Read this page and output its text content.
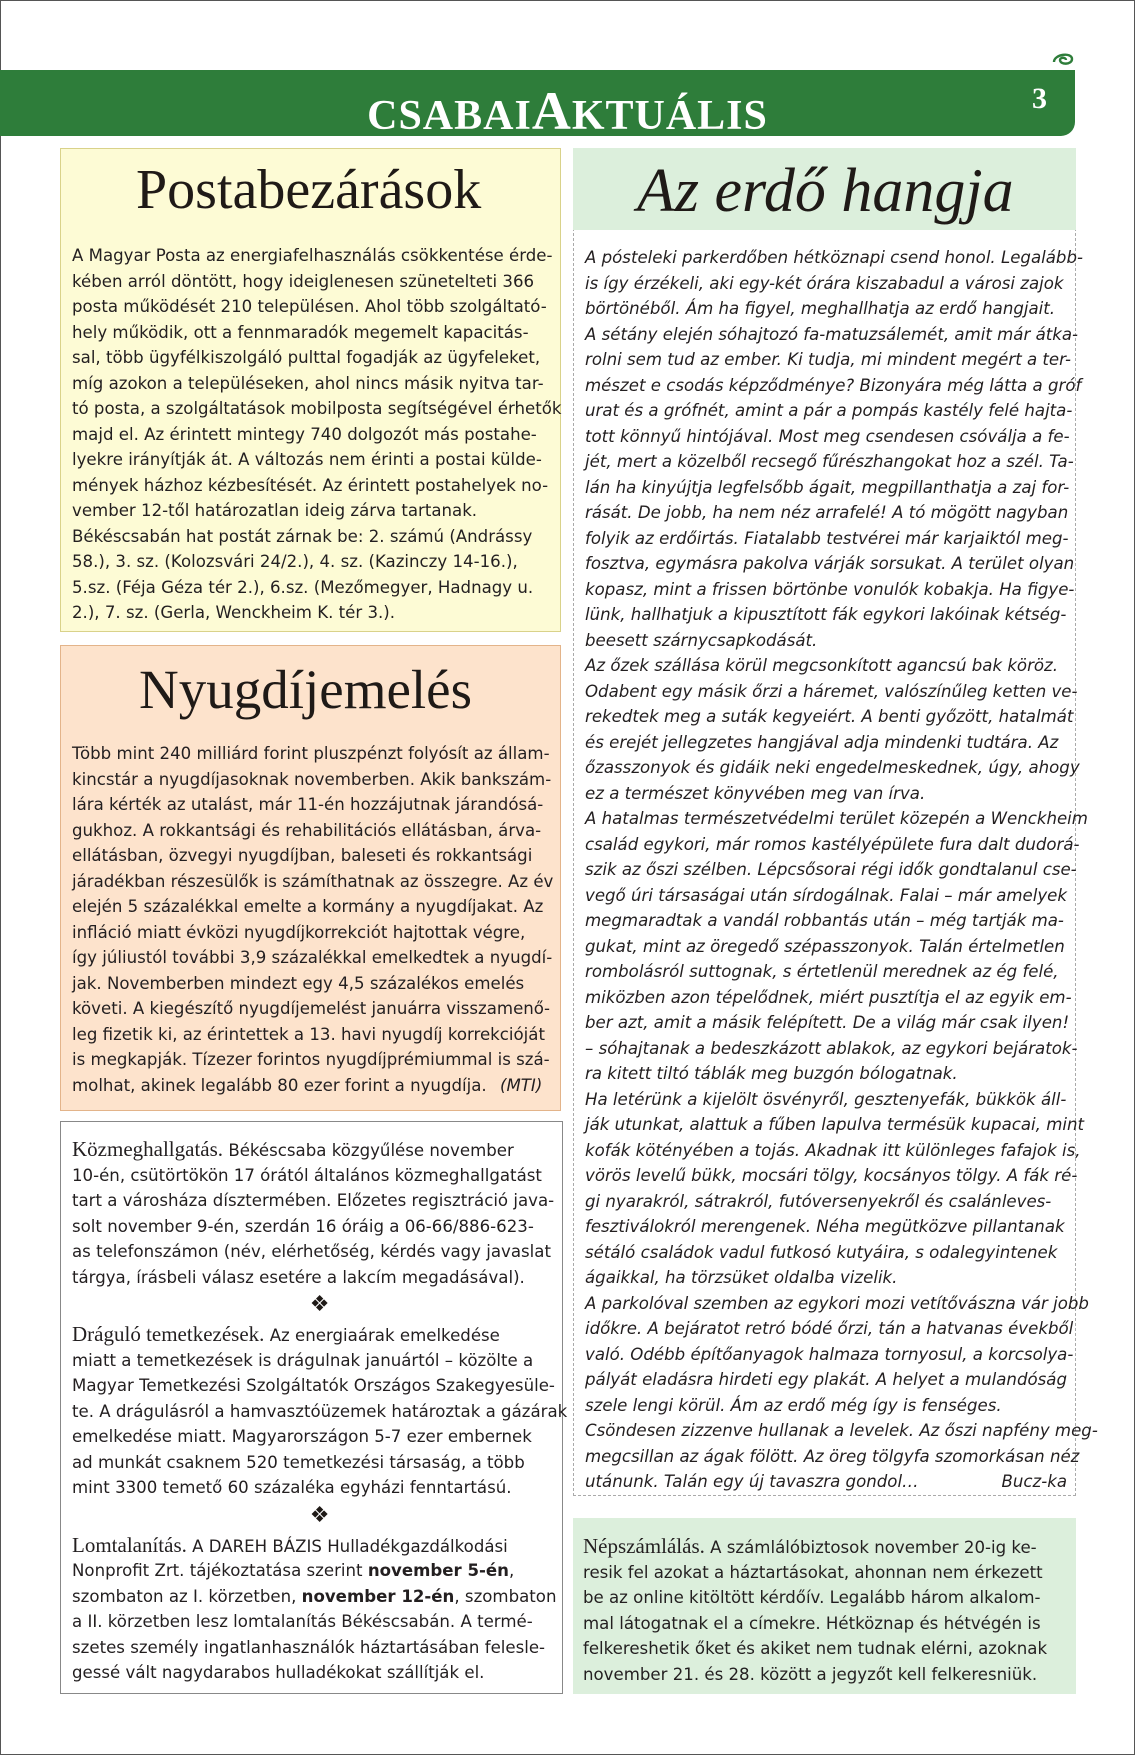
CSABAIAKTUÁLIS	3
Postabezárások
A Magyar Posta az energiafelhasználás csökkentése érde-
kében arról döntött, hogy ideiglenesen szünetelteti 366
posta működését 210 településen. Ahol több szolgáltató-
hely működik, ott a fennmaradók megemelt kapacitás-
sal, több ügyfélkiszolgáló pulttal fogadják az ügyfeleket,
míg azokon a településeken, ahol nincs másik nyitva tar-
tó posta, a szolgáltatások mobilposta segítségével érhetők
majd el. Az érintett mintegy 740 dolgozót más postahe-
lyekre irányítják át. A változás nem érinti a postai külde-
mények házhoz kézbesítését. Az érintett postahelyek no-
vember 12-től határozatlan ideig zárva tartanak.
Békéscsabán hat postát zárnak be: 2. számú (Andrássy
58.), 3. sz. (Kolozsvári 24/2.), 4. sz. (Kazinczy 14-16.),
5.sz. (Féja Géza tér 2.), 6.sz. (Mezőmegyer, Hadnagy u.
2.), 7. sz. (Gerla, Wenckheim K. tér 3.).
Nyugdíjemelés
Több mint 240 milliárd forint pluszpénzt folyósít az állam-
kincstár a nyugdíjasoknak novemberben. Akik bankszám-
lára kérték az utalást, már 11-én hozzájutnak járandósá-
gukhoz. A rokkantsági és rehabilitációs ellátásban, árva-
ellátásban, özvegyi nyugdíjban, baleseti és rokkantsági
járadékban részesülők is számíthatnak az összegre. Az év
elején 5 százalékkal emelte a kormány a nyugdíjakat. Az
infláció miatt évközi nyugdíjkorrekciót hajtottak végre,
így júliustól további 3,9 százalékkal emelkedtek a nyugdí-
jak. Novemberben mindezt egy 4,5 százalékos emelés
követi. A kiegészítő nyugdíjemelést januárra visszamenő-
leg fizetik ki, az érintettek a 13. havi nyugdíj korrekcióját
is megkapják. Tízezer forintos nyugdíjprémiummal is szá-
molhat, akinek legalább 80 ezer forint a nyugdíja. (MTI)
Közmeghallgatás. Békéscsaba közgyűlése november
10-én, csütörtökön 17 órától általános közmeghallgatást
tart a városháza dísztermében. Előzetes regisztráció java-
solt november 9-én, szerdán 16 óráig a 06-66/886-623-
as telefonszámon (név, elérhetőség, kérdés vagy javaslat
tárgya, írásbeli válasz esetére a lakcím megadásával).
❖
Dráguló temetkezések. Az energiaárak emelkedése
miatt a temetkezések is drágulnak januártól – közölte a
Magyar Temetkezési Szolgáltatók Országos Szakegyesüle-
te. A drágulásról a hamvasztóüzemek határoztak a gázárak
emelkedése miatt. Magyarországon 5-7 ezer embernek
ad munkát csaknem 520 temetkezési társaság, a több
mint 3300 temető 60 százaléka egyházi fenntartású.
❖
Lomtalanítás. A DAREH BÁZIS Hulladékgazdálkodási
Nonprofit Zrt. tájékoztatása szerint november 5-én,
szombaton az I. körzetben, november 12-én, szombaton
a II. körzetben lesz lomtalanítás Békéscsabán. A termé-
szetes személy ingatlanhasználók háztartásában felesle-
gessé vált nagydarabos hulladékokat szállítják el.
Az erdő hangja
A pósteleki parkerdőben hétköznapi csend honol. Legalább-
is így érzékeli, aki egy-két órára kiszabadul a városi zajok
börtönéből. Ám ha figyel, meghallhatja az erdő hangjait.
A sétány elején sóhajtozó fa-matuzsálemét, amit már átka-
rolni sem tud az ember. Ki tudja, mi mindent megért a ter-
mészet e csodás képződménye? Bizonyára még látta a gróf
urat és a grófnét, amint a pár a pompás kastély felé hajta-
tott könnyű hintójával. Most meg csendesen csóválja a fe-
jét, mert a közelből recsegő fűrészhangokat hoz a szél. Ta-
lán ha kinyújtja legfelsőbb ágait, megpillanthatja a zaj for-
rását. De jobb, ha nem néz arrafelé! A tó mögött nagyban
folyik az erdőirtás. Fiatalabb testvérei már karjaiktól meg-
fosztva, egymásra pakolva várják sorsukat. A terület olyan
kopasz, mint a frissen börtönbe vonulók kobakja. Ha figye-
lünk, hallhatjuk a kipusztított fák egykori lakóinak kétség-
beesett szárnycsapkodását.
Az őzek szállása körül megcsonkított agancsú bak köröz.
Odabent egy másik őrzi a háremet, valószínűleg ketten ve-
rekedtek meg a suták kegyeiért. A benti győzött, hatalmát
és erejét jellegzetes hangjával adja mindenki tudtára. Az
őzasszonyok és gidáik neki engedelmeskednek, úgy, ahogy
ez a természet könyvében meg van írva.
A hatalmas természetvédelmi terület közepén a Wenckheim
család egykori, már romos kastélyépülete fura dalt dudorá-
szik az őszi szélben. Lépcsősorai régi idők gondtalanul cse-
vegő úri társaságai után sírdogálnak. Falai – már amelyek
megmaradtak a vandál robbantás után – még tartják ma-
gukat, mint az öregedő szépasszonyok. Talán értelmetlen
rombolásról suttognak, s értetlenül merednek az ég felé,
miközben azon tépelődnek, miért pusztítja el az egyik em-
ber azt, amit a másik felépített. De a világ már csak ilyen!
– sóhajtanak a bedeszkázott ablakok, az egykori bejáratok-
ra kitett tiltó táblák meg buzgón bólogatnak.
Ha letérünk a kijelölt ösvényről, gesztenyefák, bükkök áll-
ják utunkat, alattuk a fűben lapulva termésük kupacai, mint
kofák kötényében a tojás. Akadnak itt különleges fafajok is,
vörös levelű bükk, mocsári tölgy, kocsányos tölgy. A fák ré-
gi nyarakról, sátrakról, futóversenyekről és csalánleves-
fesztiválokról merengenek. Néha megütközve pillantanak
sétáló családok vadul futkosó kutyáira, s odalegyintenek
ágaikkal, ha törzsüket oldalba vizelik.
A parkolóval szemben az egykori mozi vetítővászna vár jobb
időkre. A bejáratot retró bódé őrzi, tán a hatvanas évekből
való. Odébb építőanyagok halmaza tornyosul, a korcsolya-
pályát eladásra hirdeti egy plakát. A helyet a mulandóság
szele lengi körül. Ám az erdő még így is fenséges.
Csöndesen zizzenve hullanak a levelek. Az őszi napfény meg-
megcsillan az ágak fölött. Az öreg tölgyfa szomorkásan néz
utánunk. Talán egy új tavaszra gondol…	Bucz-ka
Népszámlálás. A számlálóbiztosok november 20-ig ke-
resik fel azokat a háztartásokat, ahonnan nem érkezett
be az online kitöltött kérdőív. Legalább három alkalom-
mal látogatnak el a címekre. Hétköznap és hétvégén is
felkereshetik őket és akiket nem tudnak elérni, azoknak
november 21. és 28. között a jegyzőt kell felkeresniük.
